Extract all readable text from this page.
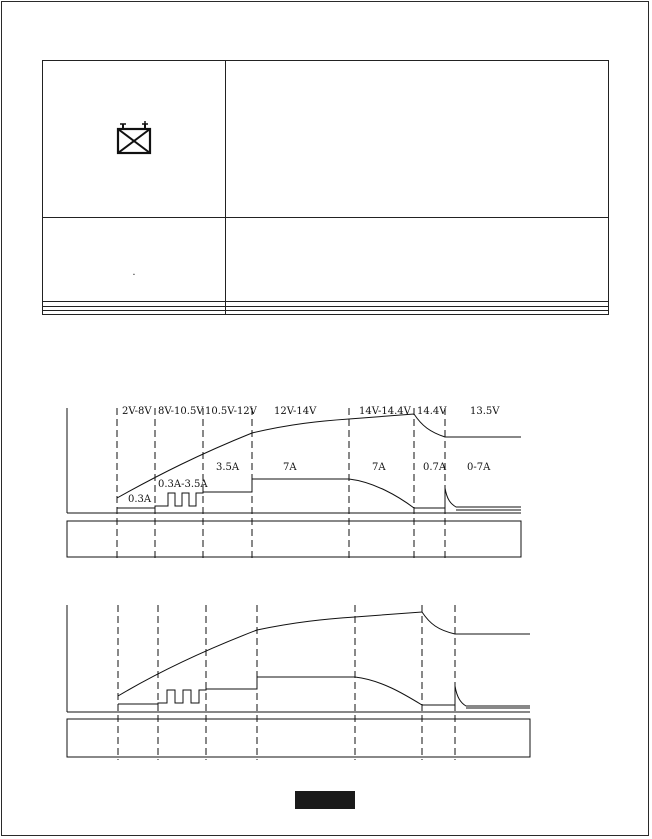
$_.$	

2V-8V 8V-10.5V 10.5V-12V 12V-14V	14V-14.4V 14.4V 13.5V
0.3A
0.3A-3.5A
3.5A	7A	7A	0.7A 0-7A
